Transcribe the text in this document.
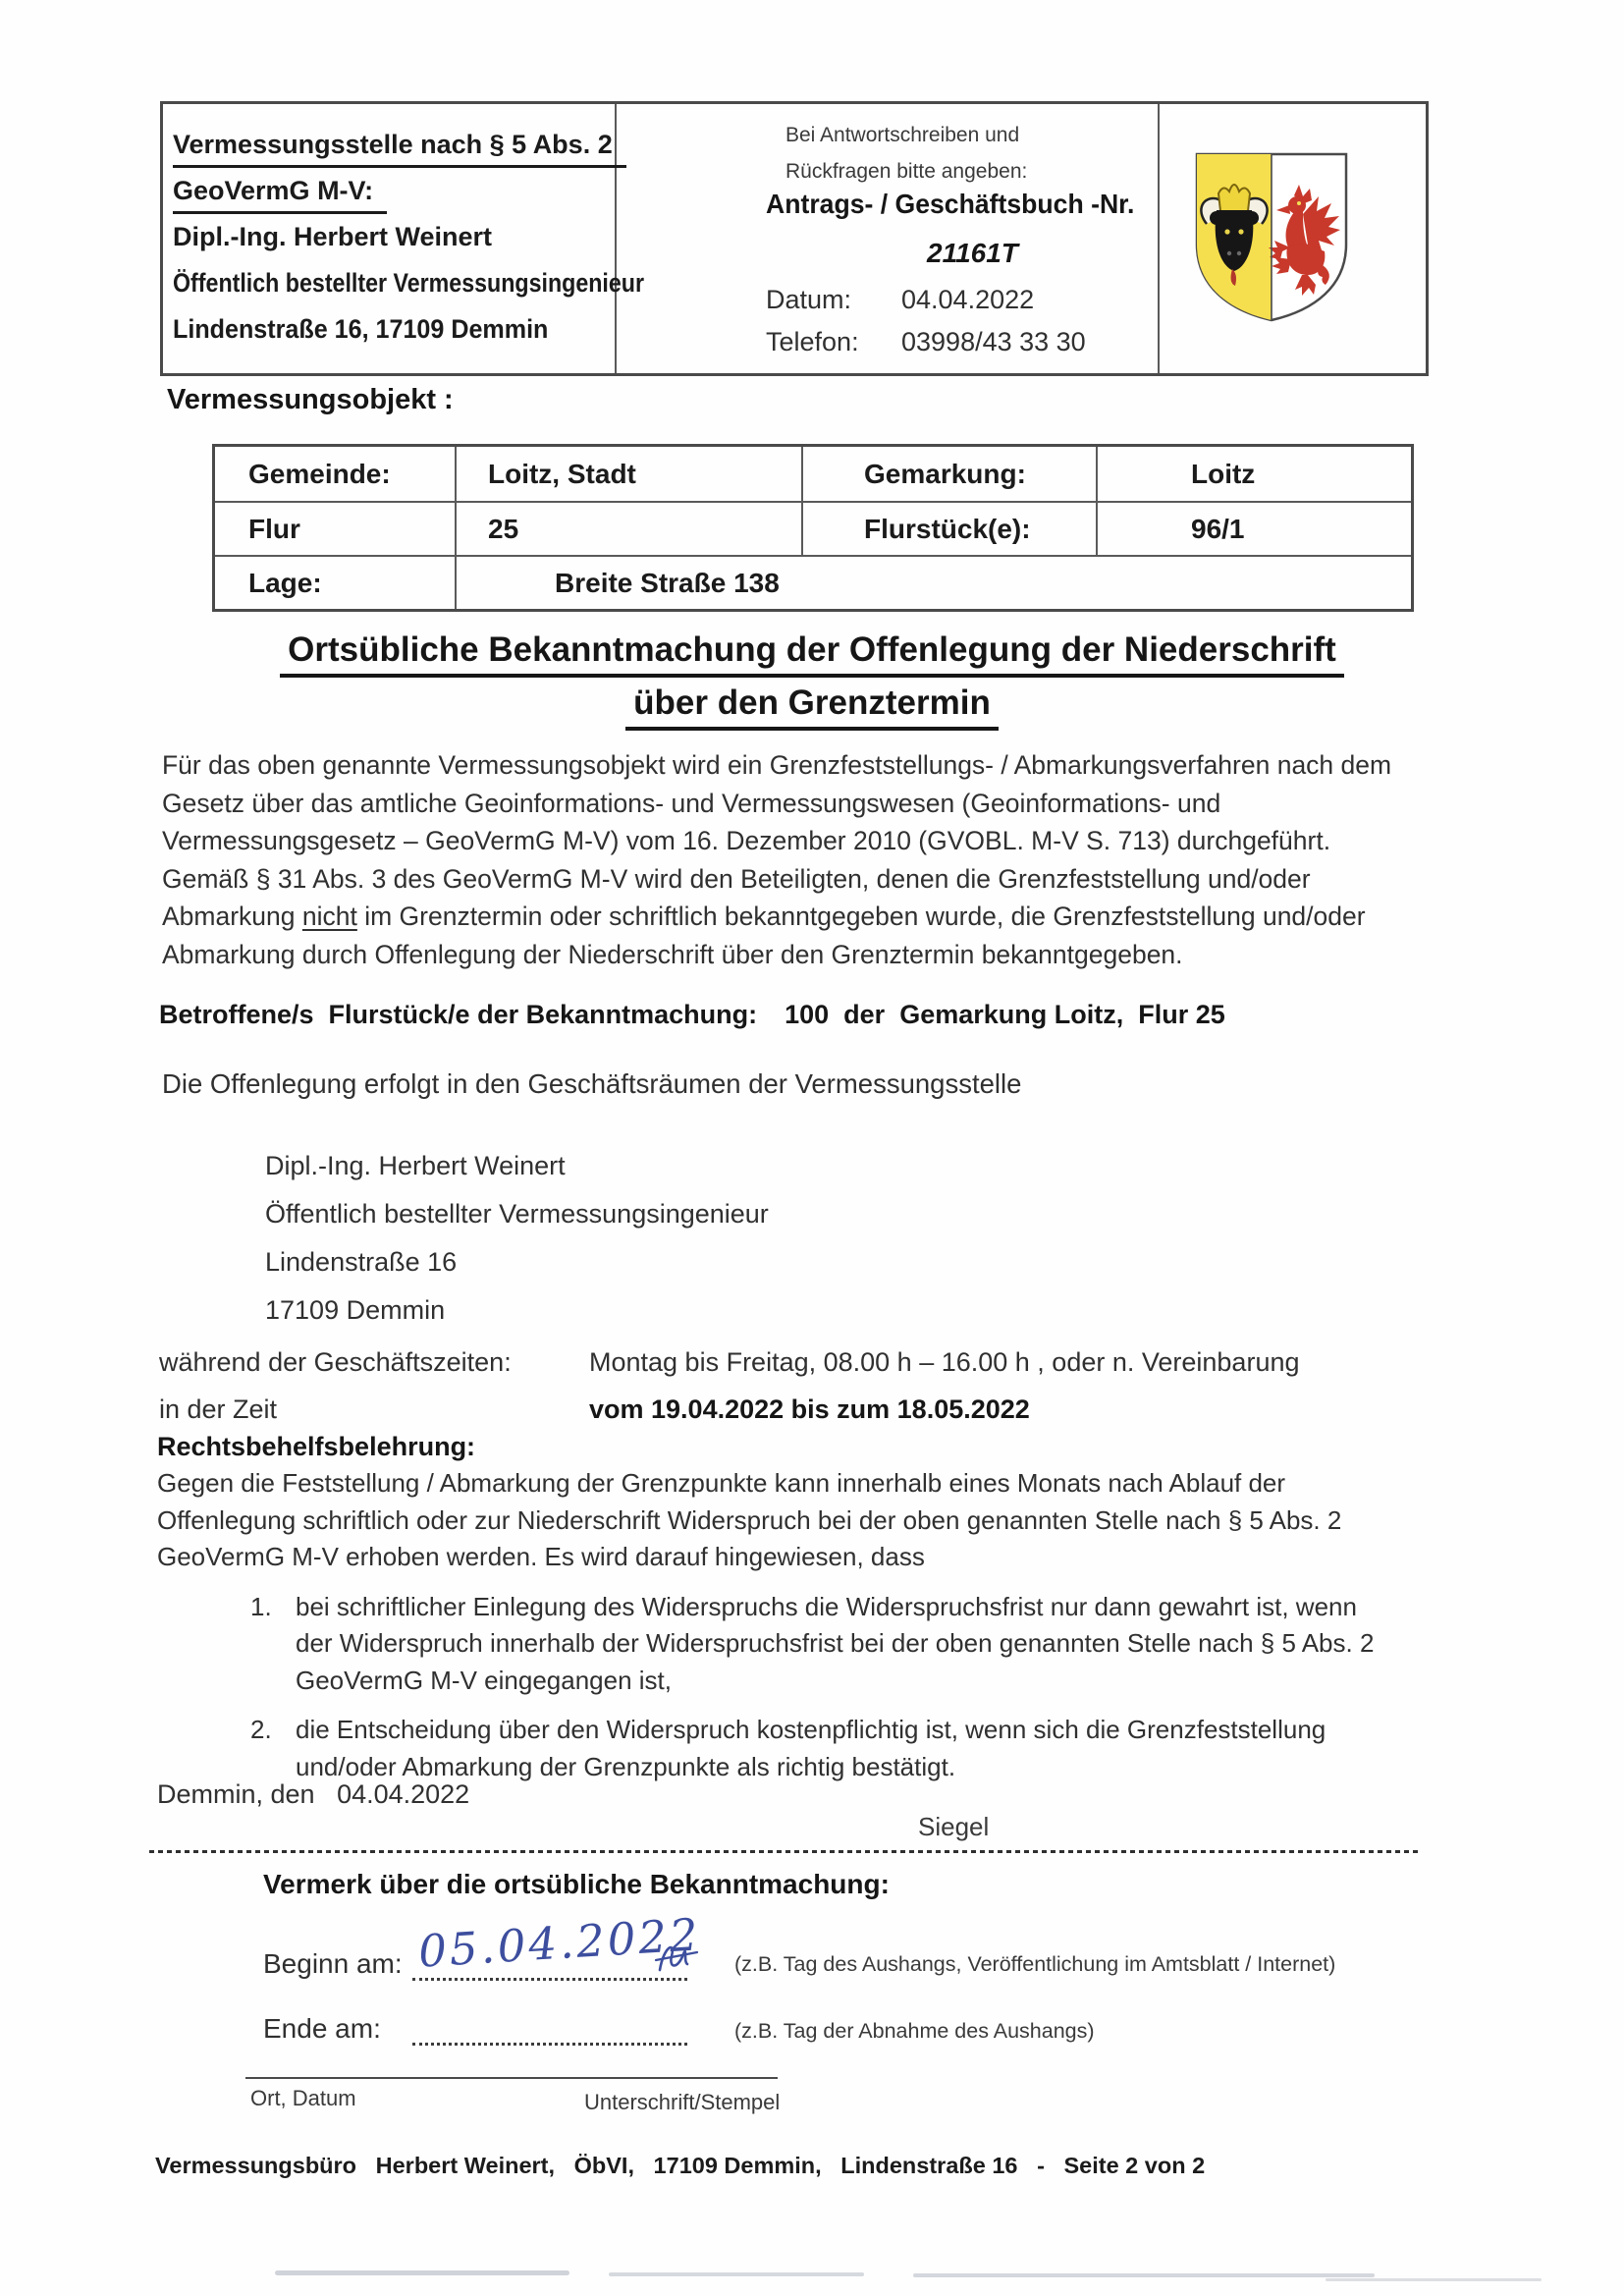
Vermessungsstelle nach § 5 Abs. 2
GeoVermG M-V:
Dipl.-Ing. Herbert Weinert
Öffentlich bestellter Vermessungsingenieur
Lindenstraße 16, 17109 Demmin
Bei Antwortschreiben und
Rückfragen bitte angeben:
Antrags- / Geschäftsbuch -Nr.
21161T
Datum: 04.04.2022
Telefon: 03998/43 33 30
Vermessungsobjekt :
Gemeinde:	Loitz, Stadt	Gemarkung:	Loitz
Flur	25	Flurstück(e):	96/1
Lage:	Breite Straße 138
Ortsübliche Bekanntmachung der Offenlegung der Niederschrift
über den Grenztermin
Für das oben genannte Vermessungsobjekt wird ein Grenzfeststellungs- / Abmarkungsverfahren nach dem Gesetz über das amtliche Geoinformations- und Vermessungswesen (Geoinformations- und Vermessungsgesetz – GeoVermG M-V) vom 16. Dezember 2010 (GVOBL. M-V S. 713) durchgeführt. Gemäß § 31 Abs. 3 des GeoVermG M-V wird den Beteiligten, denen die Grenzfeststellung und/oder Abmarkung nicht im Grenztermin oder schriftlich bekanntgegeben wurde, die Grenzfeststellung und/oder Abmarkung durch Offenlegung der Niederschrift über den Grenztermin bekanntgegeben.
Betroffene/s  Flurstück/e der Bekanntmachung: 100  der  Gemarkung Loitz,  Flur 25
Die Offenlegung erfolgt in den Geschäftsräumen der Vermessungsstelle
Dipl.-Ing. Herbert Weinert
Öffentlich bestellter Vermessungsingenieur
Lindenstraße 16
17109 Demmin
während der Geschäftszeiten:	Montag bis Freitag, 08.00 h – 16.00 h , oder n. Vereinbarung
in der Zeit	vom 19.04.2022 bis zum 18.05.2022
Rechtsbehelfsbelehrung:
Gegen die Feststellung / Abmarkung der Grenzpunkte kann innerhalb eines Monats nach Ablauf der Offenlegung schriftlich oder zur Niederschrift Widerspruch bei der oben genannten Stelle nach § 5 Abs. 2 GeoVermG M-V erhoben werden. Es wird darauf hingewiesen, dass
1. bei schriftlicher Einlegung des Widerspruchs die Widerspruchsfrist nur dann gewahrt ist, wenn der Widerspruch innerhalb der Widerspruchsfrist bei der oben genannten Stelle nach § 5 Abs. 2 GeoVermG M-V eingegangen ist,
2. die Entscheidung über den Widerspruch kostenpflichtig ist, wenn sich die Grenzfeststellung und/oder Abmarkung der Grenzpunkte als richtig bestätigt.
Demmin, den   04.04.2022
Siegel
Vermerk über die ortsübliche Bekanntmachung:
Beginn am: 05.04.2022 (z.B. Tag des Aushangs, Veröffentlichung im Amtsblatt / Internet)
Ende am:	(z.B. Tag der Abnahme des Aushangs)
Ort, Datum	Unterschrift/Stempel
Vermessungsbüro   Herbert Weinert,   ÖbVI,   17109 Demmin,   Lindenstraße 16   -   Seite 2 von 2
